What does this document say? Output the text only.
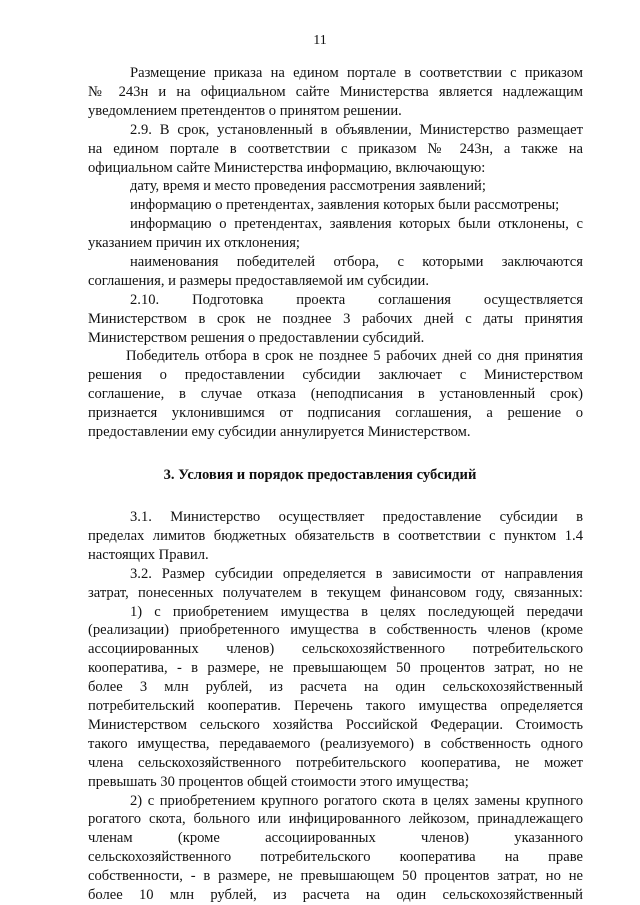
11
Размещение приказа на едином портале в соответствии с приказом
№ 243н и на официальном сайте Министерства является надлежащим
уведомлением претендентов о принятом решении.
2.9. В срок, установленный в объявлении, Министерство размещает
на едином портале в соответствии с приказом № 243н, а также на
официальном сайте Министерства информацию, включающую:
дату, время и место проведения рассмотрения заявлений;
информацию о претендентах, заявления которых были рассмотрены;
информацию о претендентах, заявления которых были отклонены, с
указанием причин их отклонения;
наименования победителей отбора, с которыми заключаются
соглашения, и размеры предоставляемой им субсидии.
2.10. Подготовка проекта соглашения осуществляется
Министерством в срок не позднее 3 рабочих дней с даты принятия
Министерством решения о предоставлении субсидий.
Победитель отбора в срок не позднее 5 рабочих дней со дня принятия
решения о предоставлении субсидии заключает с Министерством
соглашение, в случае отказа (неподписания в установленный срок)
признается уклонившимся от подписания соглашения, а решение о
предоставлении ему субсидии аннулируется Министерством.
3. Условия и порядок предоставления субсидий
3.1. Министерство осуществляет предоставление субсидии в
пределах лимитов бюджетных обязательств в соответствии с пунктом 1.4
настоящих Правил.
3.2. Размер субсидии определяется в зависимости от направления
затрат, понесенных получателем в текущем финансовом году, связанных:
1) с приобретением имущества в целях последующей передачи
(реализации) приобретенного имущества в собственность членов (кроме
ассоциированных членов) сельскохозяйственного потребительского
кооператива, - в размере, не превышающем 50 процентов затрат, но не
более 3 млн рублей, из расчета на один сельскохозяйственный
потребительский кооператив. Перечень такого имущества определяется
Министерством сельского хозяйства Российской Федерации. Стоимость
такого имущества, передаваемого (реализуемого) в собственность одного
члена сельскохозяйственного потребительского кооператива, не может
превышать 30 процентов общей стоимости этого имущества;
2) с приобретением крупного рогатого скота в целях замены крупного
рогатого скота, больного или инфицированного лейкозом, принадлежащего
членам (кроме ассоциированных членов) указанного
сельскохозяйственного потребительского кооператива на праве
собственности, - в размере, не превышающем 50 процентов затрат, но не
более 10 млн рублей, из расчета на один сельскохозяйственный
